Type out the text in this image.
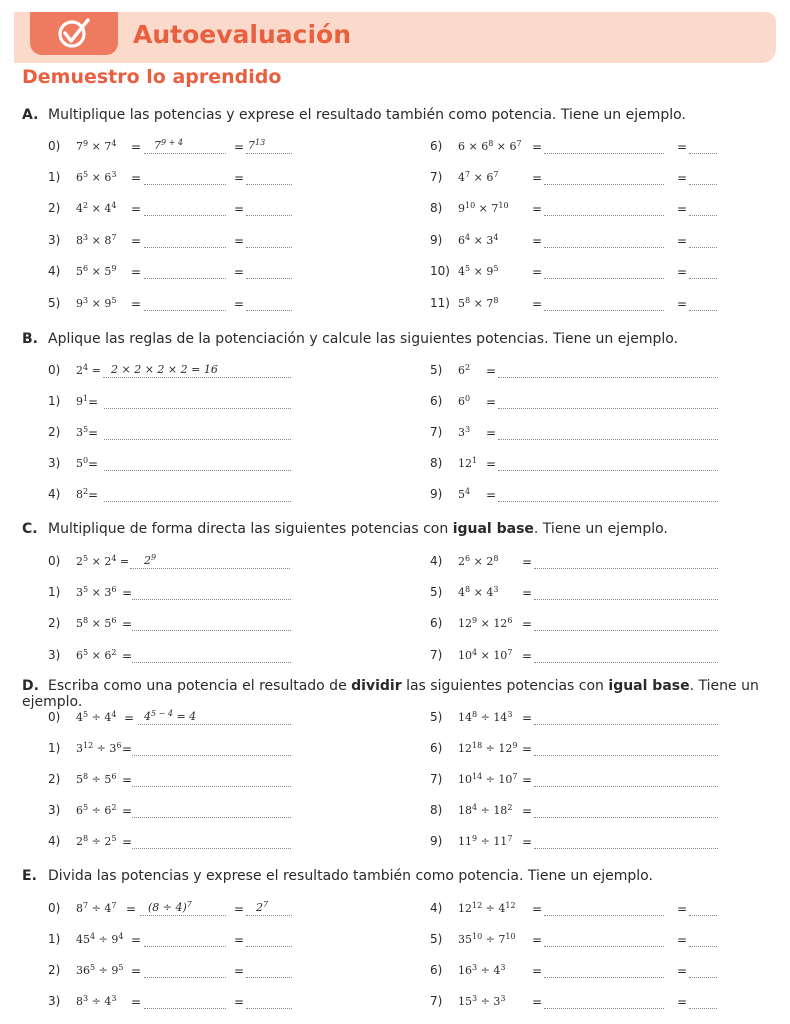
Autoevaluación
Demuestro lo aprendido
A. Multiplique las potencias y exprese el resultado también como potencia. Tiene un ejemplo.
B. Aplique las reglas de la potenciación y calcule las siguientes potencias. Tiene un ejemplo.
C. Multiplique de forma directa las siguientes potencias con igual base. Tiene un ejemplo.
D. Escriba como una potencia el resultado de dividir las siguientes potencias con igual base. Tiene un ejemplo.
E. Divida las potencias y exprese el resultado también como potencia. Tiene un ejemplo.
0) $7^9 \times 7^4$ =	$7^{9 + 4}$	= $7^{13}$
0) $2^4 = 2 \times 2 \times 2 \times 2 = 16$
0) $2^5 \times 2^4$ =	$2^9$
0) $4^5 \div 4^4 = 4^{5 - 4} = 4$
0) $8^7 \div 4^7$ =	$(8 \div 4)^7$	=	$2^7$
1) $6^5 \times 6^3$ =	=
2) $4^2 \times 4^4$ =	=
3) $8^3 \times 8^7$ =	=
4) $5^6 \times 5^9$ =	=
5) $9^3 \times 9^5$ =	=
6) $6 \times 6^8 \times 6^7$ =	=
7) $4^7 \times 6^7$	=	=
8) $9^{10} \times 7^{10}$ =	=
9) $6^4 \times 3^4$	=	=
10) $4^5 \times 9^5$	=	=
11) $5^8 \times 7^8$	=	=
1) $9^1$ =
2) $3^5$ =
3) $5^0$ =
4) $8^2$ =
5) $6^2$ =
6) $6^0$ =
7) $3^3$ =
8) $12^1$ =
9) $5^4$ =
1) $3^5 \times 3^6$ =
2) $5^8 \times 5^6$ =
3) $6^5 \times 6^2$ =
4) $2^6 \times 2^8$ =
5) $4^8 \times 4^3$ =
6) $12^9 \times 12^6$ =
7) $10^4 \times 10^7$ =
1) $3^{12} \div 3^6$ =
2) $5^8 \div 5^6$ =
3) $6^5 \div 6^2$ =
4) $2^8 \div 2^5$ =
5) $14^8 \div 14^3$ =
6) $12^{18} \div 12^9$ =
7) $10^{14} \div 10^7$ =
8) $18^4 \div 18^2$ =
9) $11^9 \div 11^7$ =
1) $45^4 \div 9^4$ =	=
2) $36^5 \div 9^5$ =	=
3) $8^3 \div 4^3$ =	=
4) $12^{12} \div 4^{12}$ =	=
5) $35^{10} \div 7^{10}$ =	=
6) $16^3 \div 4^3$ =	=
7) $15^3 \div 3^3$ =	=
